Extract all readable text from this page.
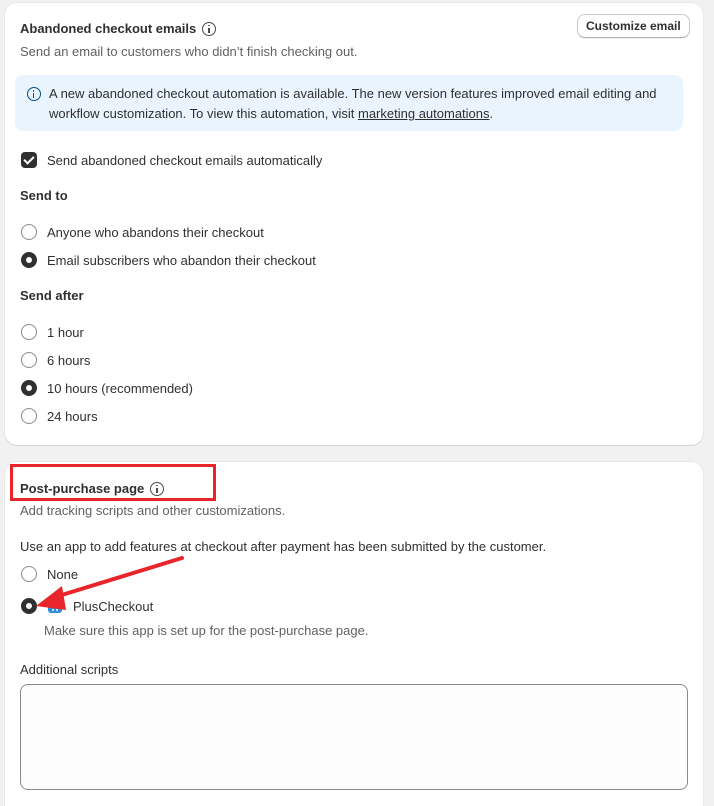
Abandoned checkout emails
Send an email to customers who didn’t finish checking out.
Customize email
A new abandoned checkout automation is available. The new version features improved email editing and workflow customization. To view this automation, visit marketing automations.
Send abandoned checkout emails automatically
Send to
Anyone who abandons their checkout
Email subscribers who abandon their checkout
Send after
1 hour
6 hours
10 hours (recommended)
24 hours
Post-purchase page
Add tracking scripts and other customizations.
Use an app to add features at checkout after payment has been submitted by the customer.
None
PlusCheckout
Make sure this app is set up for the post-purchase page.
Additional scripts
